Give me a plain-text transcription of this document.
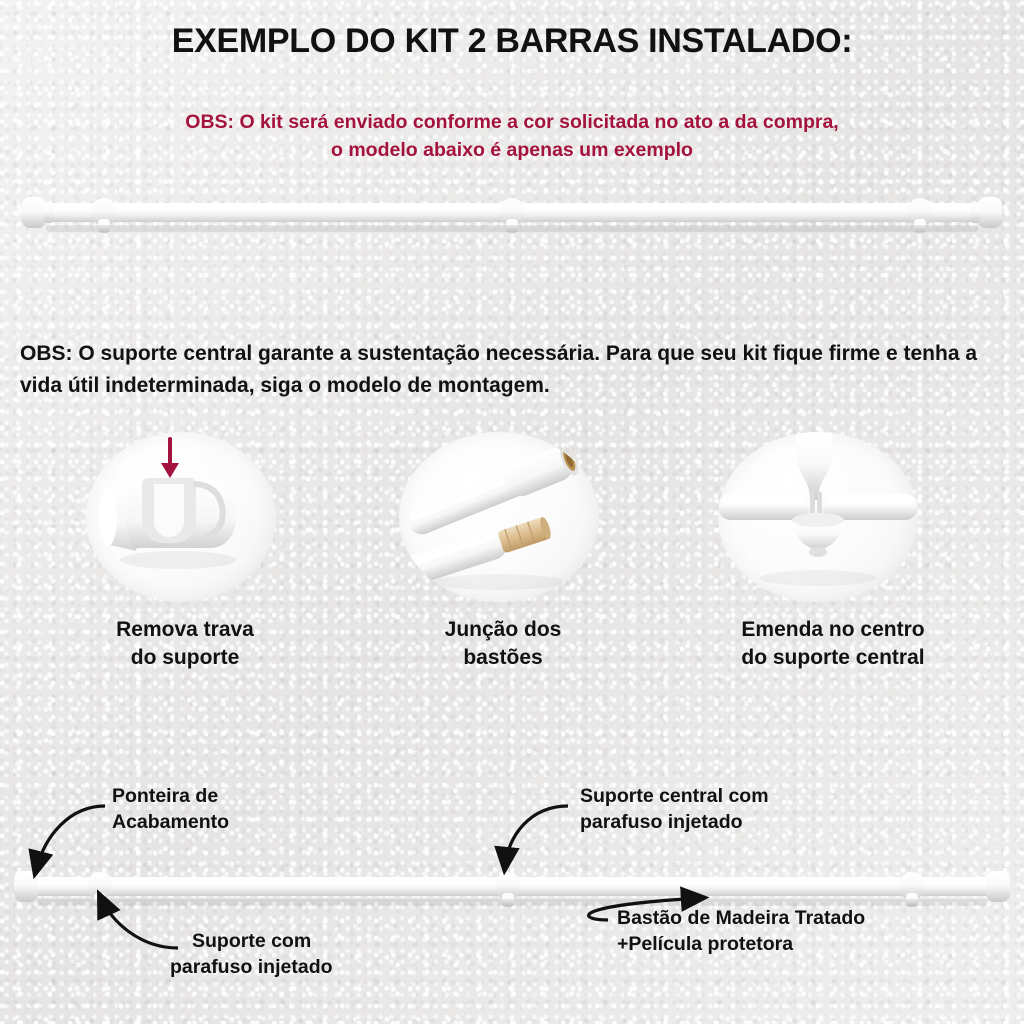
EXEMPLO DO KIT 2 BARRAS INSTALADO:
OBS: O kit será enviado conforme a cor solicitada no ato a da compra,
o modelo abaixo é apenas um exemplo
OBS: O suporte central garante a sustentação necessária. Para que seu kit fique firme e tenha a vida útil indeterminada, siga o modelo de montagem.
Remova trava
do suporte
Junção dos
bastões
Emenda no centro
do suporte central
Ponteira de
Acabamento
Suporte central com
parafuso injetado
Suporte com
parafuso injetado
Bastão de Madeira Tratado
+Película protetora
